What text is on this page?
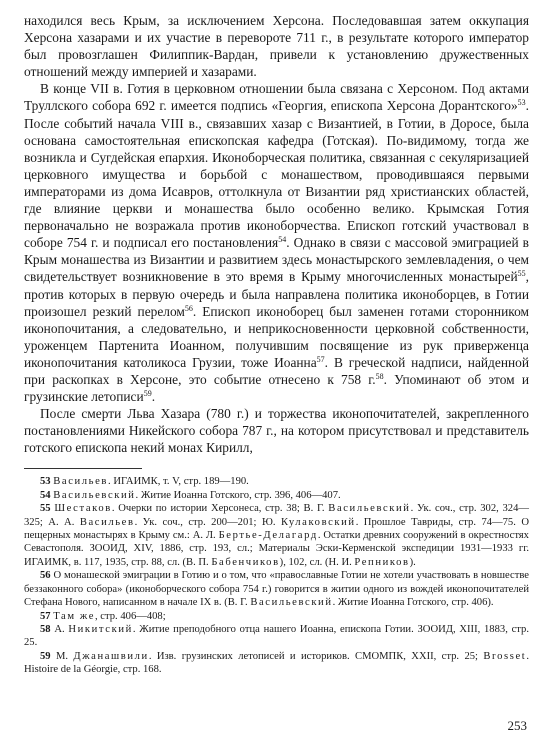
находился весь Крым, за исключением Херсона. Последовавшая затем оккупация Херсона хазарами и их участие в перевороте 711 г., в результате которого император был провозглашен Филиппик-Вардан, привели к установлению дружественных отношений между империей и хазарами.

В конце VII в. Готия в церковном отношении была связана с Херсоном. Под актами Труллского собора 692 г. имеется подпись «Георгия, епископа Херсона Дорантского»$^{53}$. После событий начала VIII в., связавших хазар с Византией, в Готии, в Доросе, была основана самостоятельная епископская кафедра (Готская). По-видимому, тогда же возникла и Сугдейская епархия. Иконоборческая политика, связанная с секуляризацией церковного имущества и борьбой с монашеством, проводившаяся первыми императорами из дома Исавров, оттолкнула от Византии ряд христианских областей, где влияние церкви и монашества было особенно велико. Крымская Готия первоначально не возражала против иконоборчества. Епископ готский участвовал в соборе 754 г. и подписал его постановления$^{54}$. Однако в связи с массовой эмиграцией в Крым монашества из Византии и развитием здесь монастырского землевладения, о чем свидетельствует возникновение в это время в Крыму многочисленных монастырей$^{55}$, против которых в первую очередь и была направлена политика иконоборцев, в Готии произошел резкий перелом$^{56}$. Епископ иконоборец был заменен готами сторонником иконопочитания, а следовательно, и неприкосновенности церковной собственности, уроженцем Партенита Иоанном, получившим посвящение из рук приверженца иконопочитания католикоса Грузии, тоже Иоанна$^{57}$. В греческой надписи, найденной при раскопках в Херсоне, это событие отнесено к 758 г.$^{58}$. Упоминают об этом и грузинские летописи$^{59}$.

После смерти Льва Хазара (780 г.) и торжества иконопочитателей, закрепленного постановлениями Никейского собора 787 г., на котором присутствовал и представитель готского епископа некий монах Кирилл,

53 Васильев. ИГАИМК, т. V, стр. 189—190.

54 Васильевский. Житие Иоанна Готского, стр. 396, 406—407.

55 Шестаков. Очерки по истории Херсонеса, стр. 38; В. Г. Васильевский. Ук. соч., стр. 302, 324—325; А. А. Васильев. Ук. соч., стр. 200—201; Ю. Кулаковский. Прошлое Тавриды, стр. 74—75. О пещерных монастырях в Крыму см.: А. Л. Бертье-Делагард. Остатки древних сооружений в окрестностях Севастополя. ЗООИД, XIV, 1886, стр. 193, сл.; Материалы Эски-Керменской экспедиции 1931—1933 гг. ИГАИМК, в. 117, 1935, стр. 88, сл. (В. П. Бабенчиков), 102, сл. (Н. И. Репников).

56 О монашеской эмиграции в Готию и о том, что «православные Готии не хотели участвовать в новшестве беззаконного собора» (иконоборческого собора 754 г.) говорится в житии одного из вождей иконопочитателей Стефана Нового, написанном в начале IX в. (В. Г. Васильевский. Житие Иоанна Готского, стр. 406).

57 Там же, стр. 406—408;

58 А. Никитский. Житие преподобного отца нашего Иоанна, епископа Готии. ЗООИД, XIII, 1883, стр. 25.

59 М. Джанашвили. Изв. грузинских летописей и историков. СМОМПК, XXII, стр. 25; Brosset. Histoire de la Géorgie, стр. 168.

253
